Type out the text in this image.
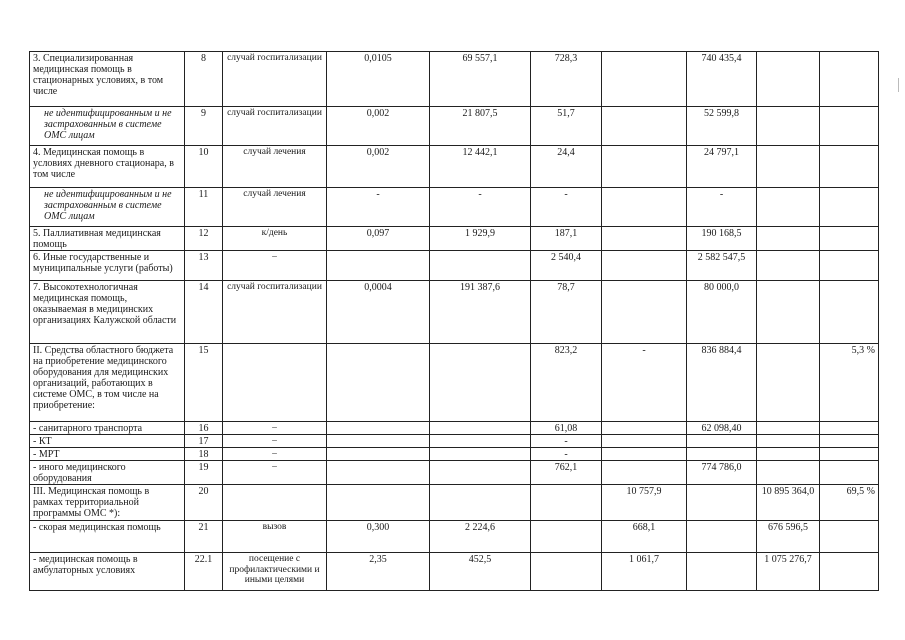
3. Специализированная медицинская помощь в стационарных условиях, в том числе	8	случай госпитализации	0,0105	69 557,1	728,3		740 435,4		
не идентифицированным и не застрахованным в системе ОМС лицам	9	случай госпитализации	0,002	21 807,5	51,7		52 599,8		
4. Медицинская помощь в условиях дневного стационара, в том числе	10	случай лечения	0,002	12 442,1	24,4		24 797,1		
не идентифицированным и не застрахованным в системе ОМС лицам	11	случай лечения	-	-	-		-		
5. Паллиативная медицинская помощь	12	к/день	0,097	1 929,9	187,1		190 168,5		
6. Иные государственные и муниципальные услуги (работы)	13	–			2 540,4		2 582 547,5		
7. Высокотехнологичная медицинская помощь, оказываемая в медицинских организациях Калужской области	14	случай госпитализации	0,0004	191 387,6	78,7		80 000,0		
II. Средства областного бюджета на приобретение медицинского оборудования для медицинских организаций, работающих в системе ОМС, в том числе на приобретение:	15				823,2	-	836 884,4		5,3 %
- санитарного транспорта	16	–			61,08		62 098,40		
- КТ	17	–			-				
- МРТ	18	–			-				
- иного медицинского оборудования	19	–			762,1		774 786,0		
III. Медицинская помощь в рамках территориальной программы ОМС *):	20					10 757,9		10 895 364,0	69,5 %
- скорая медицинская помощь	21	вызов	0,300	2 224,6		668,1		676 596,5	
- медицинская помощь в амбулаторных условиях	22.1	посещение с профилактическими и иными целями	2,35	452,5		1 061,7		1 075 276,7	
